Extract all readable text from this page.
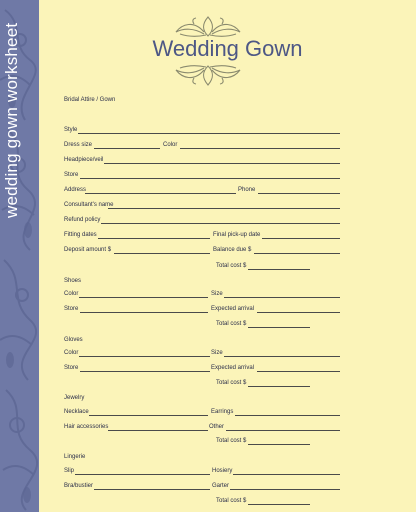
wedding gown worksheet	Wedding Gown
Bridal Attire / Gown
Style
Dress size	Color
Headpiece/veil
Store
Address	Phone
Consultant's name
Refund policy
Fitting dates	Final pick-up date
Deposit amount $	Balance due $
Total cost $
Shoes
Color	Size
Store	Expected arrival
Total cost $
Gloves
Color	Size
Store	Expected arrival
Total cost $
Jewelry
Necklace	Earrings
Hair accessories	Other
Total cost $
Lingerie
Slip	Hosiery
Bra/bustier	Garter
Total cost $
